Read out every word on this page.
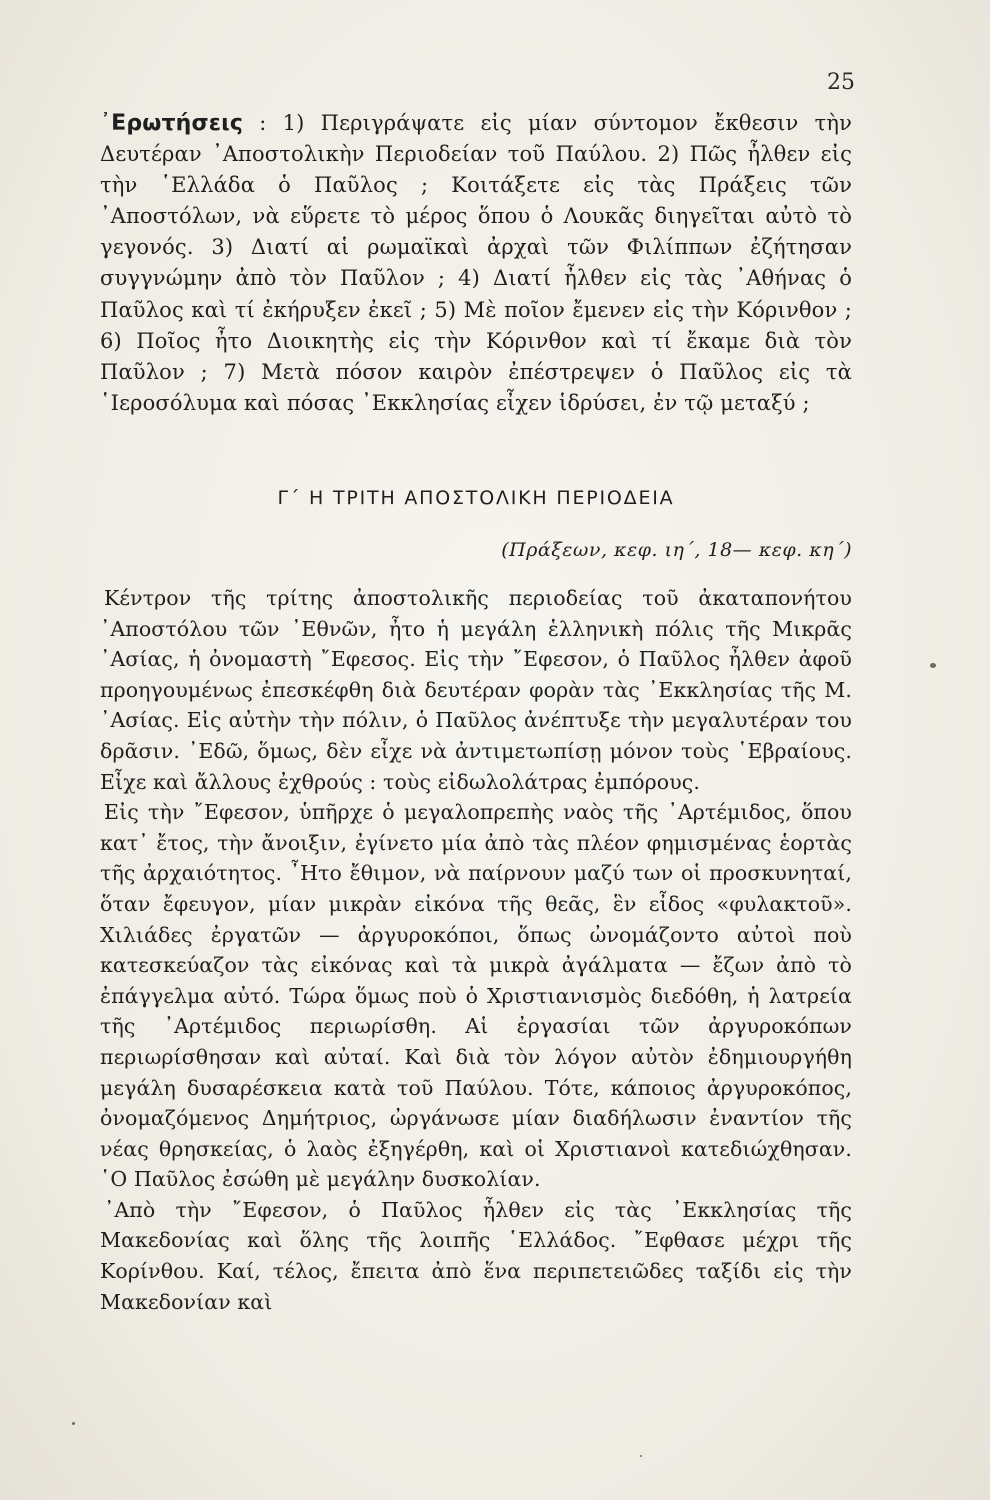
25
᾿Ερωτήσεις : 1) Περιγράψατε εἰς μίαν σύντομον ἔκθεσιν τὴν Δευτέραν ᾿Αποστολικὴν Περιοδείαν τοῦ Παύλου. 2) Πῶς ἦλθεν εἰς τὴν ῾Ελλάδα ὁ Παῦλος ; Κοιτάξετε εἰς τὰς Πράξεις τῶν ᾿Αποστόλων, νὰ εὕρετε τὸ μέρος ὅπου ὁ Λουκᾶς διηγεῖται αὐτὸ τὸ γεγονός. 3) Διατί αἱ ρωμαϊκαὶ ἀρχαὶ τῶν Φιλίππων ἐζήτησαν συγγνώμην ἀπὸ τὸν Παῦλον ; 4) Διατί ἦλθεν εἰς τὰς ᾿Αθήνας ὁ Παῦλος καὶ τί ἐκήρυξεν ἐκεῖ ; 5) Μὲ ποῖον ἔμενεν εἰς τὴν Κόρινθον ; 6) Ποῖος ἦτο Διοικητὴς εἰς τὴν Κόρινθον καὶ τί ἔκαμε διὰ τὸν Παῦλον ; 7) Μετὰ πόσον καιρὸν ἐπέστρεψεν ὁ Παῦλος εἰς τὰ ῾Ιεροσόλυμα καὶ πόσας ᾿Εκκλησίας εἶχεν ἱδρύσει, ἐν τῷ μεταξύ ;
Γ΄ Η ΤΡΙΤΗ ΑΠΟΣΤΟΛΙΚΗ ΠΕΡΙΟΔΕΙΑ
(Πράξεων, κεφ. ιη΄, 18— κεφ. κη΄)

Κέντρον τῆς τρίτης ἀποστολικῆς περιοδείας τοῦ ἀκαταπονήτου ᾿Αποστόλου τῶν ᾿Εθνῶν, ἦτο ἡ μεγάλη ἑλληνικὴ πόλις τῆς Μικρᾶς ᾿Ασίας, ἡ ὀνομαστὴ ῎Εφεσος. Εἰς τὴν ῎Εφεσον, ὁ Παῦλος ἦλθεν ἀφοῦ προηγουμένως ἐπεσκέφθη διὰ δευτέραν φορὰν τὰς ᾿Εκκλησίας τῆς Μ. ᾿Ασίας. Εἰς αὐτὴν τὴν πόλιν, ὁ Παῦλος ἀνέπτυξε τὴν μεγαλυτέραν του δρᾶσιν. ᾿Εδῶ, ὅμως, δὲν εἶχε νὰ ἀντιμετωπίσῃ μόνον τοὺς ῾Εβραίους. Εἶχε καὶ ἄλλους ἐχθρούς : τοὺς εἰδωλολάτρας ἐμπόρους.

Εἰς τὴν ῎Εφεσον, ὑπῆρχε ὁ μεγαλοπρεπὴς ναὸς τῆς ᾿Αρτέμιδος, ὅπου κατ᾿ ἔτος, τὴν ἄνοιξιν, ἐγίνετο μία ἀπὸ τὰς πλέον φημισμένας ἑορτὰς τῆς ἀρχαιότητος. ῏Ητο ἔθιμον, νὰ παίρνουν μαζύ των οἱ προσκυνηταί, ὅταν ἔφευγον, μίαν μικρὰν εἰκόνα τῆς θεᾶς, ἓν εἶδος «φυλακτοῦ». Χιλιάδες ἐργατῶν — ἀργυροκόποι, ὅπως ὠνομάζοντο αὐτοὶ ποὺ κατεσκεύαζον τὰς εἰκόνας καὶ τὰ μικρὰ ἀγάλματα — ἔζων ἀπὸ τὸ ἐπάγγελμα αὐτό. Τώρα ὅμως ποὺ ὁ Χριστιανισμὸς διεδόθη, ἡ λατρεία τῆς ᾿Αρτέμιδος περιωρίσθη. Αἱ ἐργασίαι τῶν ἀργυροκόπων περιωρίσθησαν καὶ αὐταί. Καὶ διὰ τὸν λόγον αὐτὸν ἐδημιουργήθη μεγάλη δυσαρέσκεια κατὰ τοῦ Παύλου. Τότε, κάποιος ἀργυροκόπος, ὀνομαζόμενος Δημήτριος, ὠργάνωσε μίαν διαδήλωσιν ἐναντίον τῆς νέας θρησκείας, ὁ λαὸς ἐξηγέρθη, καὶ οἱ Χριστιανοὶ κατεδιώχθησαν. ῾Ο Παῦλος ἐσώθη μὲ μεγάλην δυσκολίαν.

᾿Απὸ τὴν ῎Εφεσον, ὁ Παῦλος ἦλθεν εἰς τὰς ᾿Εκκλησίας τῆς Μακεδονίας καὶ ὅλης τῆς λοιπῆς ῾Ελλάδος. ῎Εφθασε μέχρι τῆς Κορίνθου. Καί, τέλος, ἔπειτα ἀπὸ ἕνα περιπετειῶδες ταξίδι εἰς τὴν Μακεδονίαν καὶ
